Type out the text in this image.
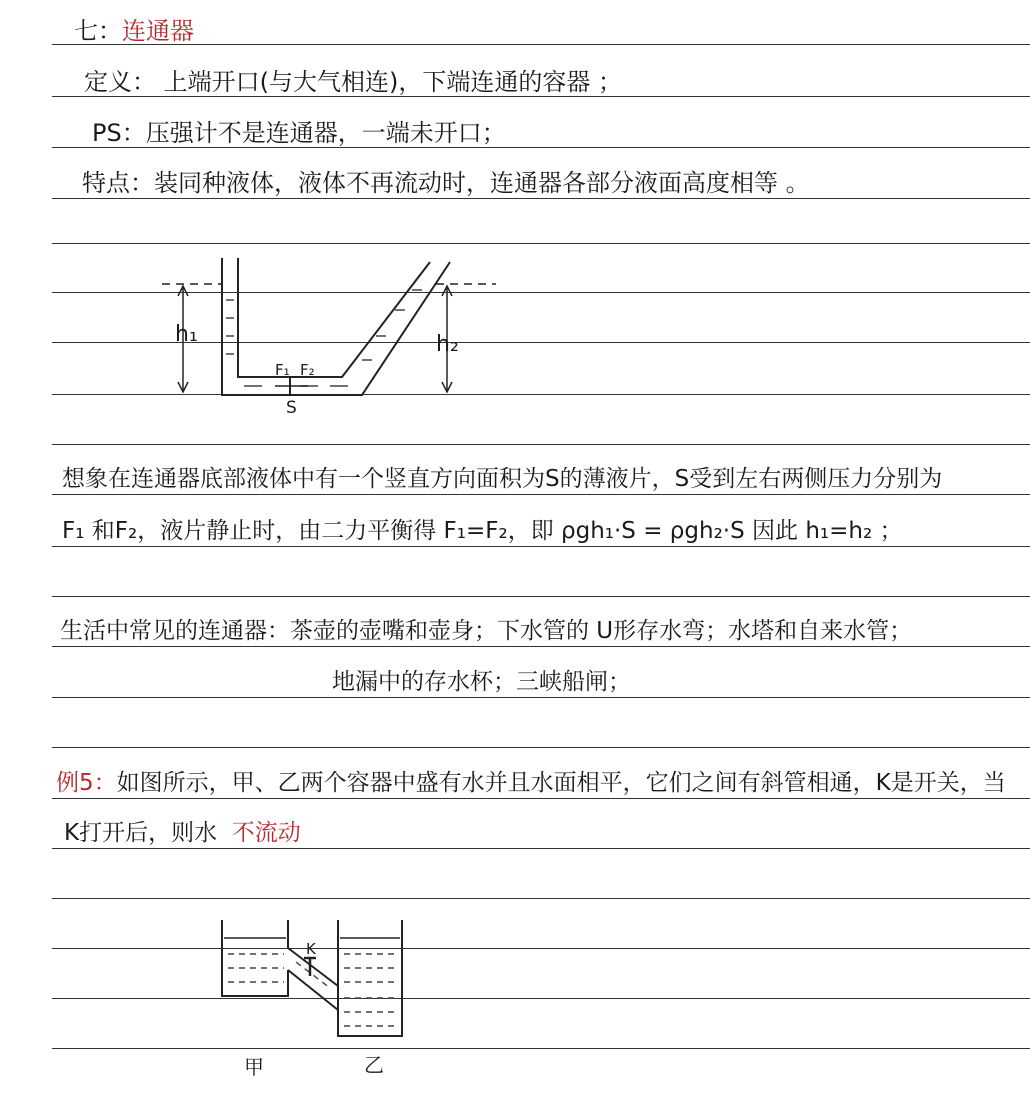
七：连通器
定义： 上端开口(与大气相连)，下端连通的容器 ；
PS：压强计不是连通器，一端未开口；
特点：装同种液体，液体不再流动时，连通器各部分液面高度相等 。
h₁	h₂
F₁ F₂
S
想象在连通器底部液体中有一个竖直方向面积为S的薄液片，S受到左右两侧压力分别为
F₁ 和F₂，液片静止时，由二力平衡得 F₁=F₂，即 ρgh₁·S = ρgh₂·S 因此 h₁=h₂ ；
生活中常见的连通器：茶壶的壶嘴和壶身；下水管的 U形存水弯；水塔和自来水管；
地漏中的存水杯；三峡船闸；
例5：如图所示，甲、乙两个容器中盛有水并且水面相平，它们之间有斜管相通，K是开关，当
K打开后，则水 不流动
K
甲	乙
